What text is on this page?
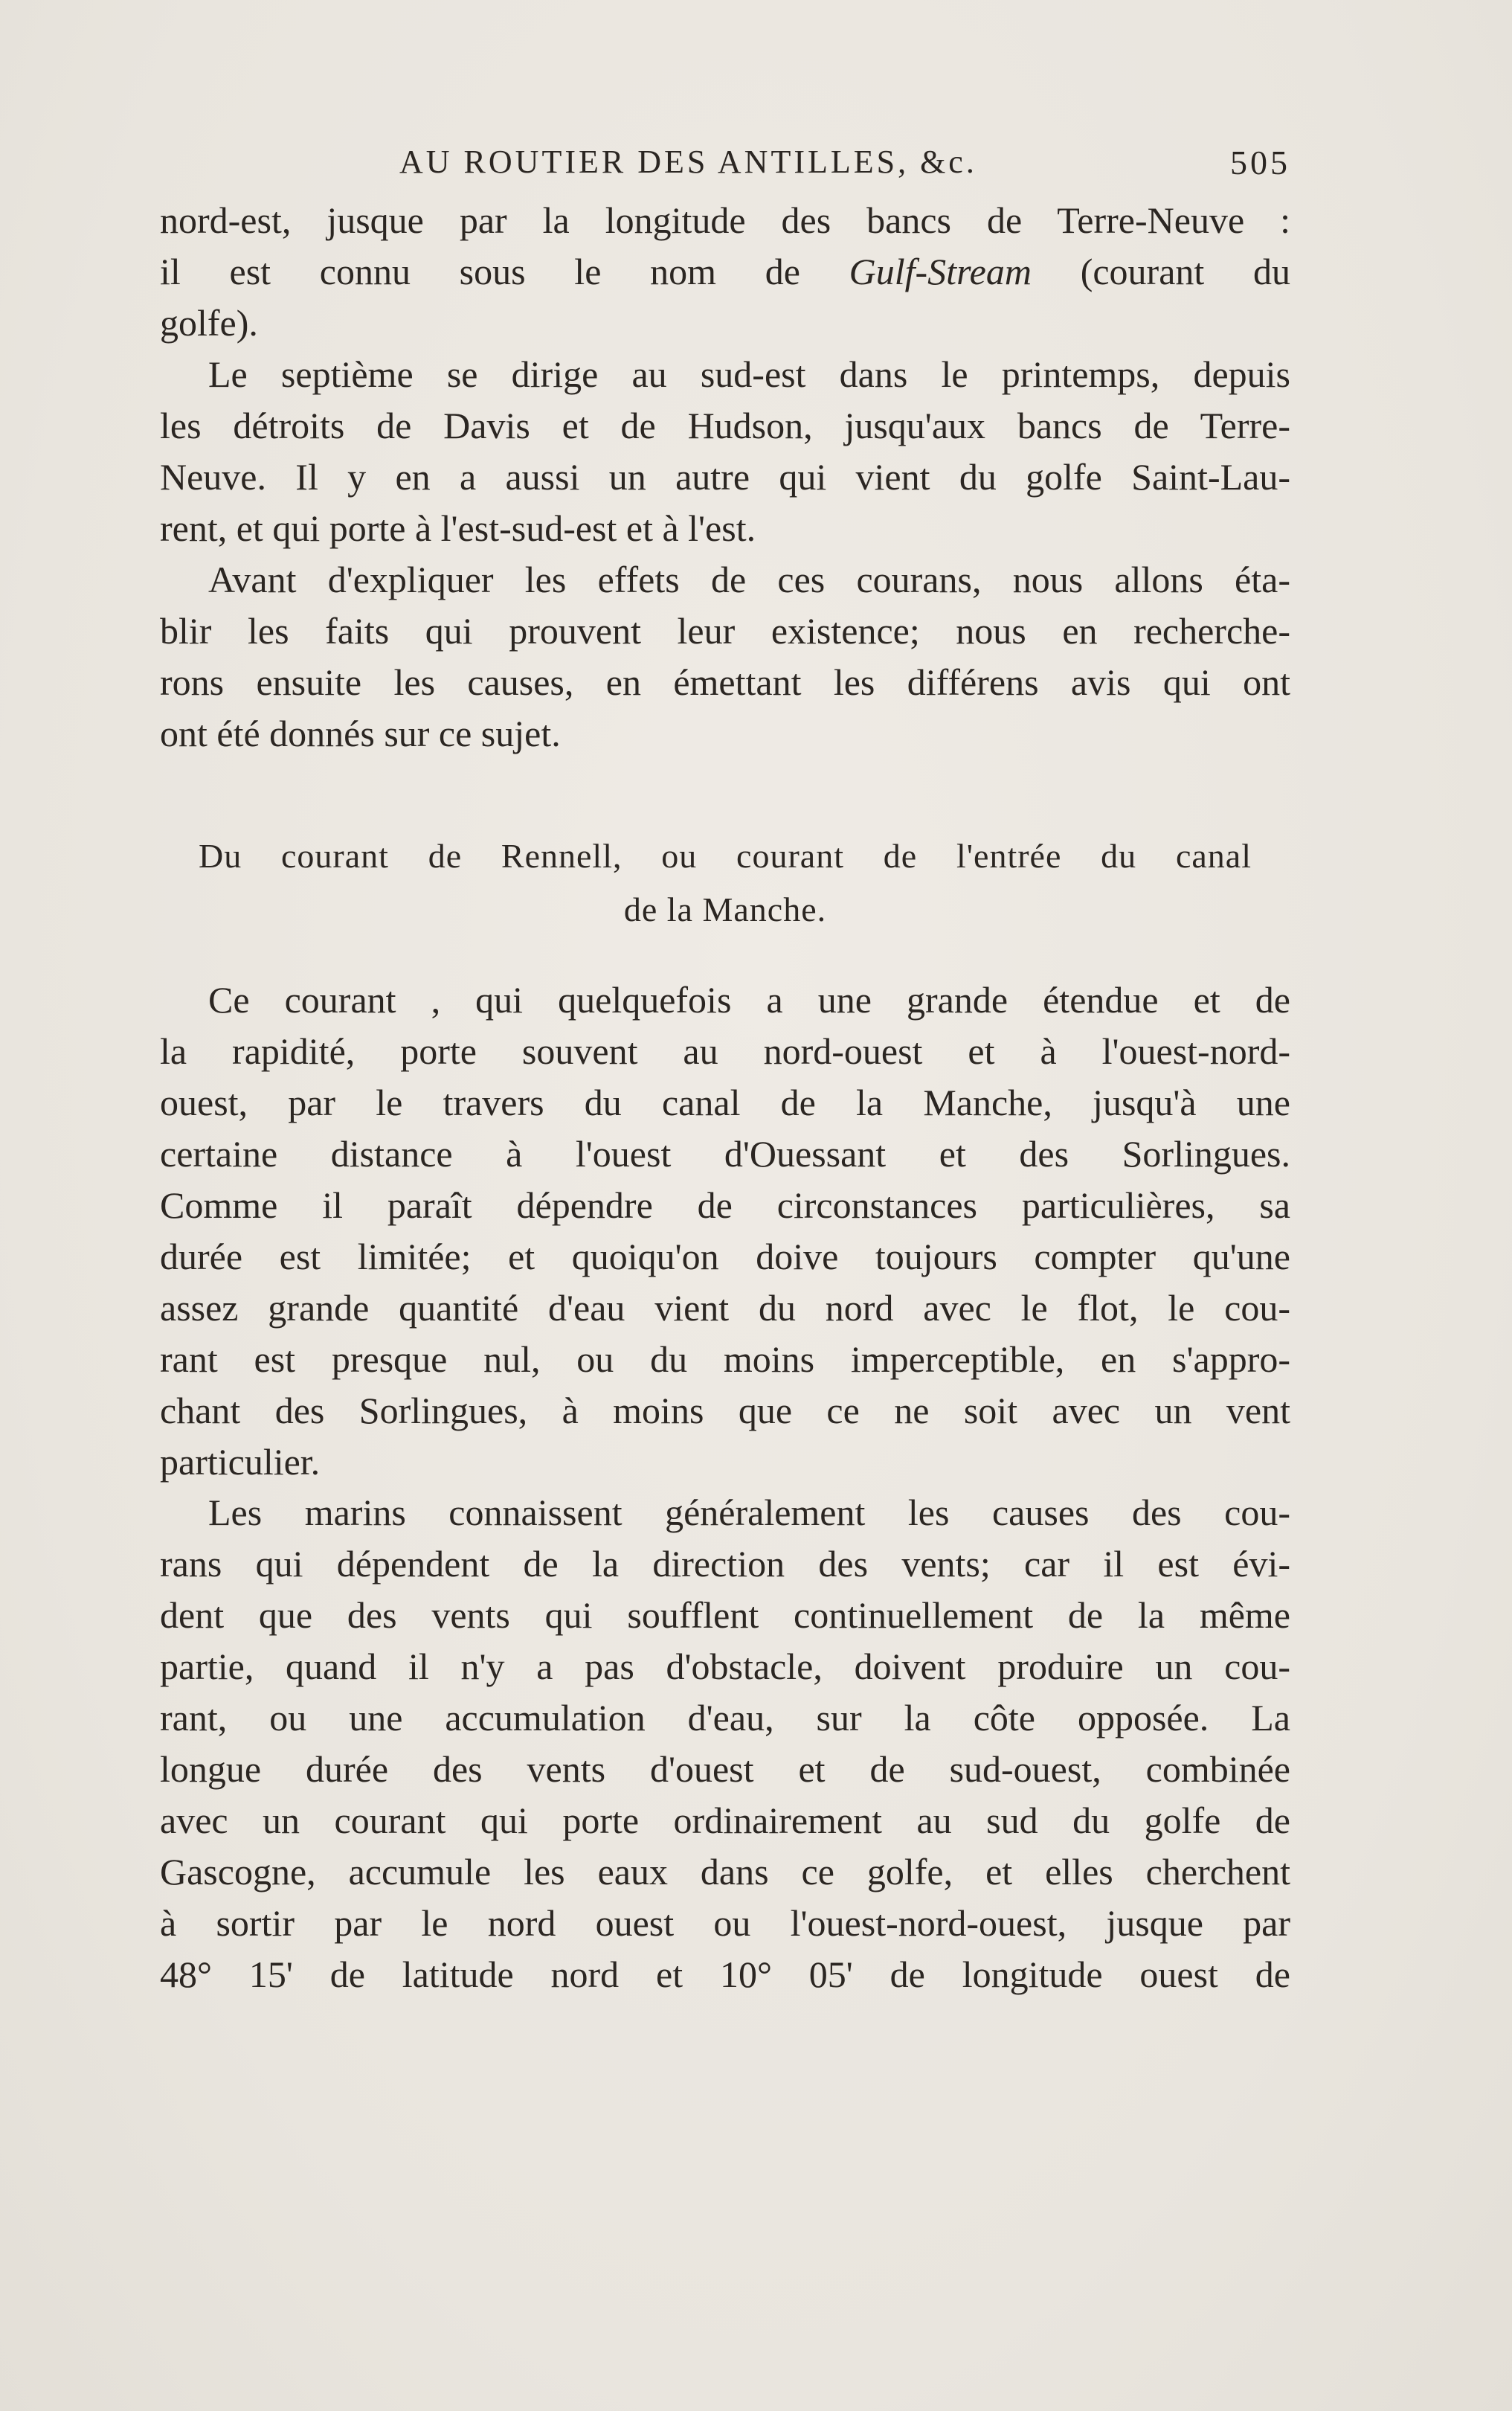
AU ROUTIER DES ANTILLES, &c.	505
nord-est, jusque par la longitude des bancs de Terre-Neuve :
il est connu sous le nom de Gulf-Stream (courant du
golfe).
Le septième se dirige au sud-est dans le printemps, depuis
les détroits de Davis et de Hudson, jusqu'aux bancs de Terre-
Neuve. Il y en a aussi un autre qui vient du golfe Saint-Lau-
rent, et qui porte à l'est-sud-est et à l'est.
Avant d'expliquer les effets de ces courans, nous allons éta-
blir les faits qui prouvent leur existence; nous en recherche-
rons ensuite les causes, en émettant les différens avis qui ont
ont été donnés sur ce sujet.
Du courant de Rennell, ou courant de l'entrée du canal
de la Manche.
Ce courant , qui quelquefois a une grande étendue et de
la rapidité, porte souvent au nord-ouest et à l'ouest-nord-
ouest, par le travers du canal de la Manche, jusqu'à une
certaine distance à l'ouest d'Ouessant et des Sorlingues.
Comme il paraît dépendre de circonstances particulières, sa
durée est limitée; et quoiqu'on doive toujours compter qu'une
assez grande quantité d'eau vient du nord avec le flot, le cou-
rant est presque nul, ou du moins imperceptible, en s'appro-
chant des Sorlingues, à moins que ce ne soit avec un vent
particulier.
Les marins connaissent généralement les causes des cou-
rans qui dépendent de la direction des vents; car il est évi-
dent que des vents qui soufflent continuellement de la même
partie, quand il n'y a pas d'obstacle, doivent produire un cou-
rant, ou une accumulation d'eau, sur la côte opposée. La
longue durée des vents d'ouest et de sud-ouest, combinée
avec un courant qui porte ordinairement au sud du golfe de
Gascogne, accumule les eaux dans ce golfe, et elles cherchent
à sortir par le nord ouest ou l'ouest-nord-ouest, jusque par
48° 15' de latitude nord et 10° 05' de longitude ouest de
